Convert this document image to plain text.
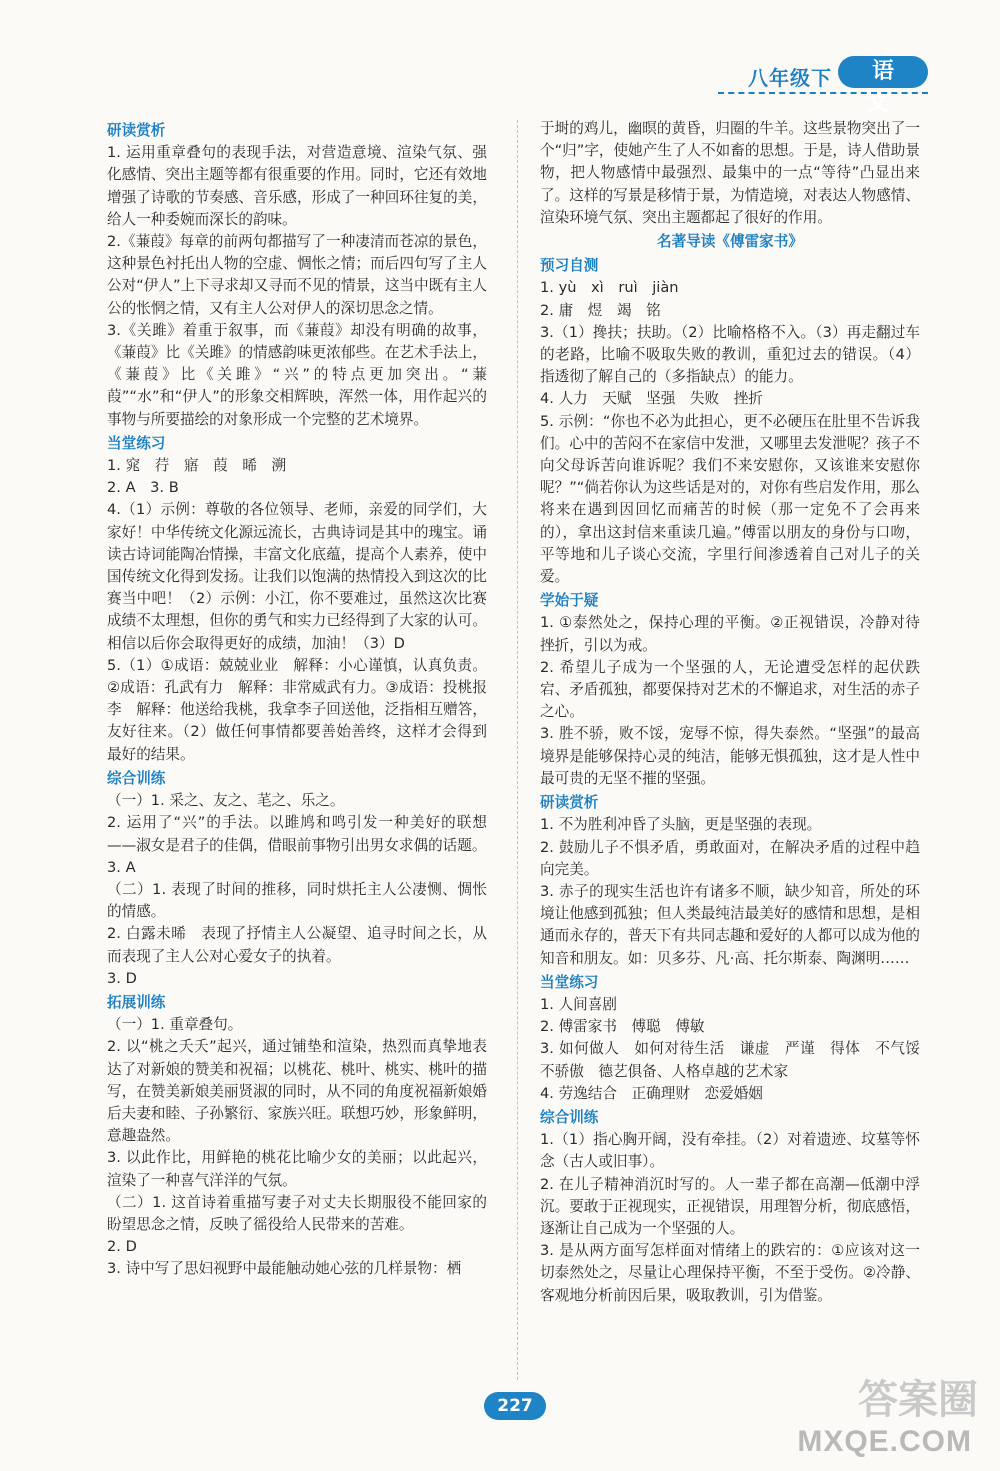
八年级下	语 文
研读赏析
1. 运用重章叠句的表现手法，对营造意境、渲染气氛、强化感情、突出主题等都有很重要的作用。同时，它还有效地增强了诗歌的节奏感、音乐感，形成了一种回环往复的美，给人一种委婉而深长的韵味。
2.《蒹葭》每章的前两句都描写了一种凄清而苍凉的景色，这种景色衬托出人物的空虚、惆怅之情；而后四句写了主人公对“伊人”上下寻求却又寻而不见的情景，这当中既有主人公的怅惘之情，又有主人公对伊人的深切思念之情。
3.《关雎》着重于叙事，而《蒹葭》却没有明确的故事，《蒹葭》比《关雎》的情感韵味更浓郁些。在艺术手法上，《蒹葭》比《关雎》“兴”的特点更加突出。“蒹葭”“水”和“伊人”的形象交相辉映，浑然一体，用作起兴的事物与所要描绘的对象形成一个完整的艺术境界。
当堂练习
1. 窕　荇　寤　葭　晞　溯
2. A　3. B
4.（1）示例：尊敬的各位领导、老师，亲爱的同学们，大家好！中华传统文化源远流长，古典诗词是其中的瑰宝。诵读古诗词能陶冶情操，丰富文化底蕴，提高个人素养，使中国传统文化得到发扬。让我们以饱满的热情投入到这次的比赛当中吧！（2）示例：小江，你不要难过，虽然这次比赛成绩不太理想，但你的勇气和实力已经得到了大家的认可。相信以后你会取得更好的成绩，加油！（3）D
5.（1）①成语：兢兢业业　解释：小心谨慎，认真负责。②成语：孔武有力　解释：非常威武有力。③成语：投桃报李　解释：他送给我桃，我拿李子回送他，泛指相互赠答，友好往来。（2）做任何事情都要善始善终，这样才会得到最好的结果。
综合训练
（一）1. 采之、友之、芼之、乐之。
2. 运用了“兴”的手法。以雎鸠和鸣引发一种美好的联想——淑女是君子的佳偶，借眼前事物引出男女求偶的话题。
3. A
（二）1. 表现了时间的推移，同时烘托主人公凄恻、惆怅的情感。
2. 白露未晞　表现了抒情主人公凝望、追寻时间之长，从而表现了主人公对心爱女子的执着。
3. D
拓展训练
（一）1. 重章叠句。
2. 以“桃之夭夭”起兴，通过铺垫和渲染，热烈而真挚地表达了对新娘的赞美和祝福；以桃花、桃叶、桃实、桃叶的描写，在赞美新娘美丽贤淑的同时，从不同的角度祝福新娘婚后夫妻和睦、子孙繁衍、家族兴旺。联想巧妙，形象鲜明，意趣盎然。
3. 以此作比，用鲜艳的桃花比喻少女的美丽；以此起兴，渲染了一种喜气洋洋的气氛。
（二）1. 这首诗着重描写妻子对丈夫长期服役不能回家的盼望思念之情，反映了徭役给人民带来的苦难。
2. D
3. 诗中写了思妇视野中最能触动她心弦的几样景物：栖
于埘的鸡儿，幽暝的黄昏，归圈的牛羊。这些景物突出了一个“归”字，使她产生了人不如畜的思想。于是，诗人借助景物，把人物感情中最强烈、最集中的一点“等待”凸显出来了。这样的写景是移情于景，为情造境，对表达人物感情、渲染环境气氛、突出主题都起了很好的作用。
名著导读《傅雷家书》
预习自测
1. yù　xì　ruì　jiàn
2. 庸　煜　竭　铭
3.（1）搀扶；扶助。（2）比喻格格不入。（3）再走翻过车的老路，比喻不吸取失败的教训，重犯过去的错误。（4）指透彻了解自己的（多指缺点）的能力。
4. 人力　天赋　坚强　失败　挫折
5. 示例：“你也不必为此担心，更不必硬压在肚里不告诉我们。心中的苦闷不在家信中发泄，又哪里去发泄呢？孩子不向父母诉苦向谁诉呢？我们不来安慰你，又该谁来安慰你呢？”“倘若你认为这些话是对的，对你有些启发作用，那么将来在遇到因回忆而痛苦的时候（那一定免不了会再来的），拿出这封信来重读几遍。”傅雷以朋友的身份与口吻，平等地和儿子谈心交流，字里行间渗透着自己对儿子的关爱。
学始于疑
1. ①泰然处之，保持心理的平衡。②正视错误，冷静对待挫折，引以为戒。
2. 希望儿子成为一个坚强的人，无论遭受怎样的起伏跌宕、矛盾孤独，都要保持对艺术的不懈追求，对生活的赤子之心。
3. 胜不骄，败不馁，宠辱不惊，得失泰然。“坚强”的最高境界是能够保持心灵的纯洁，能够无惧孤独，这才是人性中最可贵的无坚不摧的坚强。
研读赏析
1. 不为胜利冲昏了头脑，更是坚强的表现。
2. 鼓励儿子不惧矛盾，勇敢面对，在解决矛盾的过程中趋向完美。
3. 赤子的现实生活也许有诸多不顺，缺少知音，所处的环境让他感到孤独；但人类最纯洁最美好的感情和思想，是相通而永存的，普天下有共同志趣和爱好的人都可以成为他的知音和朋友。如：贝多芬、凡·高、托尔斯泰、陶渊明……
当堂练习
1. 人间喜剧
2. 傅雷家书　傅聪　傅敏
3. 如何做人　如何对待生活　谦虚　严谨　得体　不气馁　不骄傲　德艺俱备、人格卓越的艺术家
4. 劳逸结合　正确理财　恋爱婚姻
综合训练
1.（1）指心胸开阔，没有牵挂。（2）对着遗迹、坟墓等怀念（古人或旧事）。
2. 在儿子精神消沉时写的。人一辈子都在高潮—低潮中浮沉。要敢于正视现实，正视错误，用理智分析，彻底感悟，逐渐让自己成为一个坚强的人。
3. 是从两方面写怎样面对情绪上的跌宕的：①应该对这一切泰然处之，尽量让心理保持平衡，不至于受伤。②冷静、客观地分析前因后果，吸取教训，引为借鉴。
227	答案圈
MXQE.COM
